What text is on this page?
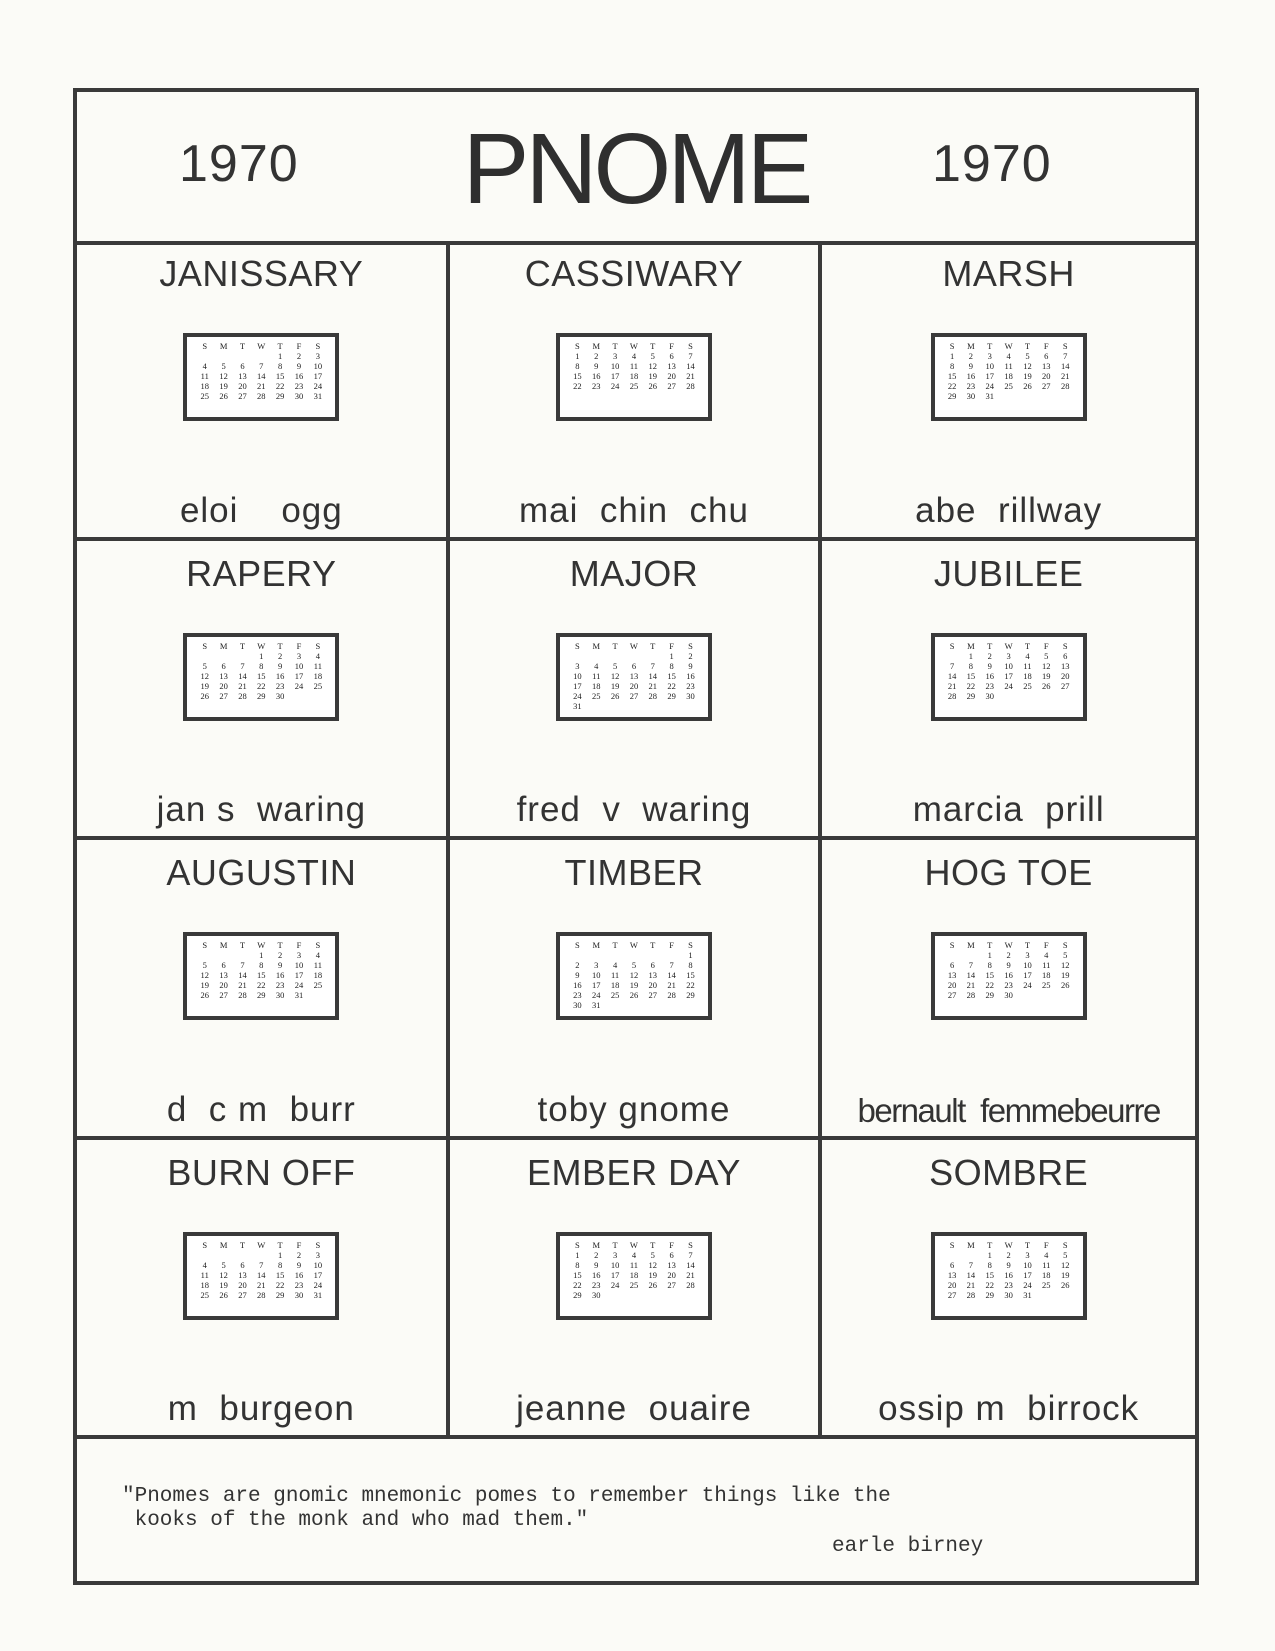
1970	PNOME	1970
JANISSARY
S	M	T	W	T	F	S
				1	2	3
4	5	6	7	8	9	10
11	12	13	14	15	16	17
18	19	20	21	22	23	24
25	26	27	28	29	30	31
eloi    ogg
CASSIWARY
S	M	T	W	T	F	S
1	2	3	4	5	6	7
8	9	10	11	12	13	14
15	16	17	18	19	20	21
22	23	24	25	26	27	28
mai  chin  chu
MARSH
S	M	T	W	T	F	S
1	2	3	4	5	6	7
8	9	10	11	12	13	14
15	16	17	18	19	20	21
22	23	24	25	26	27	28
29	30	31				
abe  rillway
RAPERY
S	M	T	W	T	F	S
			1	2	3	4
5	6	7	8	9	10	11
12	13	14	15	16	17	18
19	20	21	22	23	24	25
26	27	28	29	30		
jan s  waring
MAJOR
S	M	T	W	T	F	S
					1	2
3	4	5	6	7	8	9
10	11	12	13	14	15	16
17	18	19	20	21	22	23
24	25	26	27	28	29	30
31						
fred  v  waring
JUBILEE
S	M	T	W	T	F	S
	1	2	3	4	5	6
7	8	9	10	11	12	13
14	15	16	17	18	19	20
21	22	23	24	25	26	27
28	29	30				
marcia  prill
AUGUSTIN
S	M	T	W	T	F	S
			1	2	3	4
5	6	7	8	9	10	11
12	13	14	15	16	17	18
19	20	21	22	23	24	25
26	27	28	29	30	31	
d  c m  burr
TIMBER
S	M	T	W	T	F	S
						1
2	3	4	5	6	7	8
9	10	11	12	13	14	15
16	17	18	19	20	21	22
23	24	25	26	27	28	29
30	31					
toby gnome
HOG TOE
S	M	T	W	T	F	S
		1	2	3	4	5
6	7	8	9	10	11	12
13	14	15	16	17	18	19
20	21	22	23	24	25	26
27	28	29	30			
bernault  femmebeurre
BURN OFF
S	M	T	W	T	F	S
				1	2	3
4	5	6	7	8	9	10
11	12	13	14	15	16	17
18	19	20	21	22	23	24
25	26	27	28	29	30	31
m  burgeon
EMBER DAY
S	M	T	W	T	F	S
1	2	3	4	5	6	7
8	9	10	11	12	13	14
15	16	17	18	19	20	21
22	23	24	25	26	27	28
29	30					
jeanne  ouaire
SOMBRE
S	M	T	W	T	F	S
		1	2	3	4	5
6	7	8	9	10	11	12
13	14	15	16	17	18	19
20	21	22	23	24	25	26
27	28	29	30	31		
ossip m  birrock
"Pnomes are gnomic mnemonic pomes to remember things like the
kooks of the monk and who mad them."
earle birney
